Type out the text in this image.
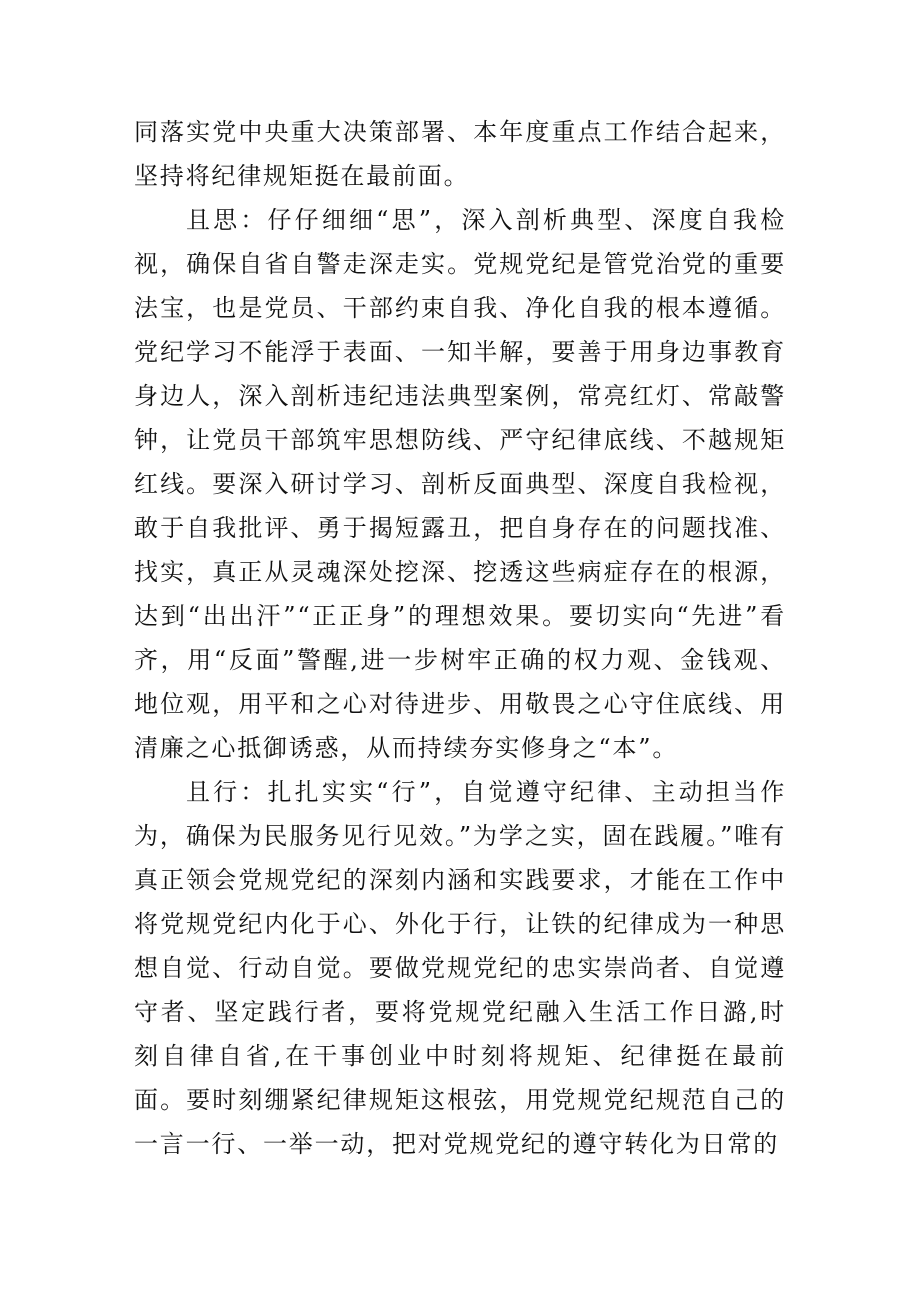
同落实党中央重大决策部署、本年度重点工作结合起来，坚持将纪律规矩挺在最前面。

且思：仔仔细细“思”，深入剖析典型、深度自我检视，确保自省自警走深走实。党规党纪是管党治党的重要法宝，也是党员、干部约束自我、净化自我的根本遵循。党纪学习不能浮于表面、一知半解，要善于用身边事教育身边人，深入剖析违纪违法典型案例，常亮红灯、常敲警钟，让党员干部筑牢思想防线、严守纪律底线、不越规矩红线。要深入研讨学习、剖析反面典型、深度自我检视，敢于自我批评、勇于揭短露丑，把自身存在的问题找准、找实，真正从灵魂深处挖深、挖透这些病症存在的根源，达到“出出汗”“正正身”的理想效果。要切实向“先进”看齐，用“反面”警醒,进一步树牢正确的权力观、金钱观、地位观，用平和之心对待进步、用敬畏之心守住底线、用清廉之心抵御诱惑，从而持续夯实修身之“本”。

且行：扎扎实实“行”，自觉遵守纪律、主动担当作为，确保为民服务见行见效。”为学之实，固在践履。”唯有真正领会党规党纪的深刻内涵和实践要求，才能在工作中将党规党纪内化于心、外化于行，让铁的纪律成为一种思想自觉、行动自觉。要做党规党纪的忠实崇尚者、自觉遵守者、坚定践行者，要将党规党纪融入生活工作日潞,时刻自律自省,在干事创业中时刻将规矩、纪律挺在最前面。要时刻绷紧纪律规矩这根弦，用党规党纪规范自己的一言一行、一举一动，把对党规党纪的遵守转化为日常的
